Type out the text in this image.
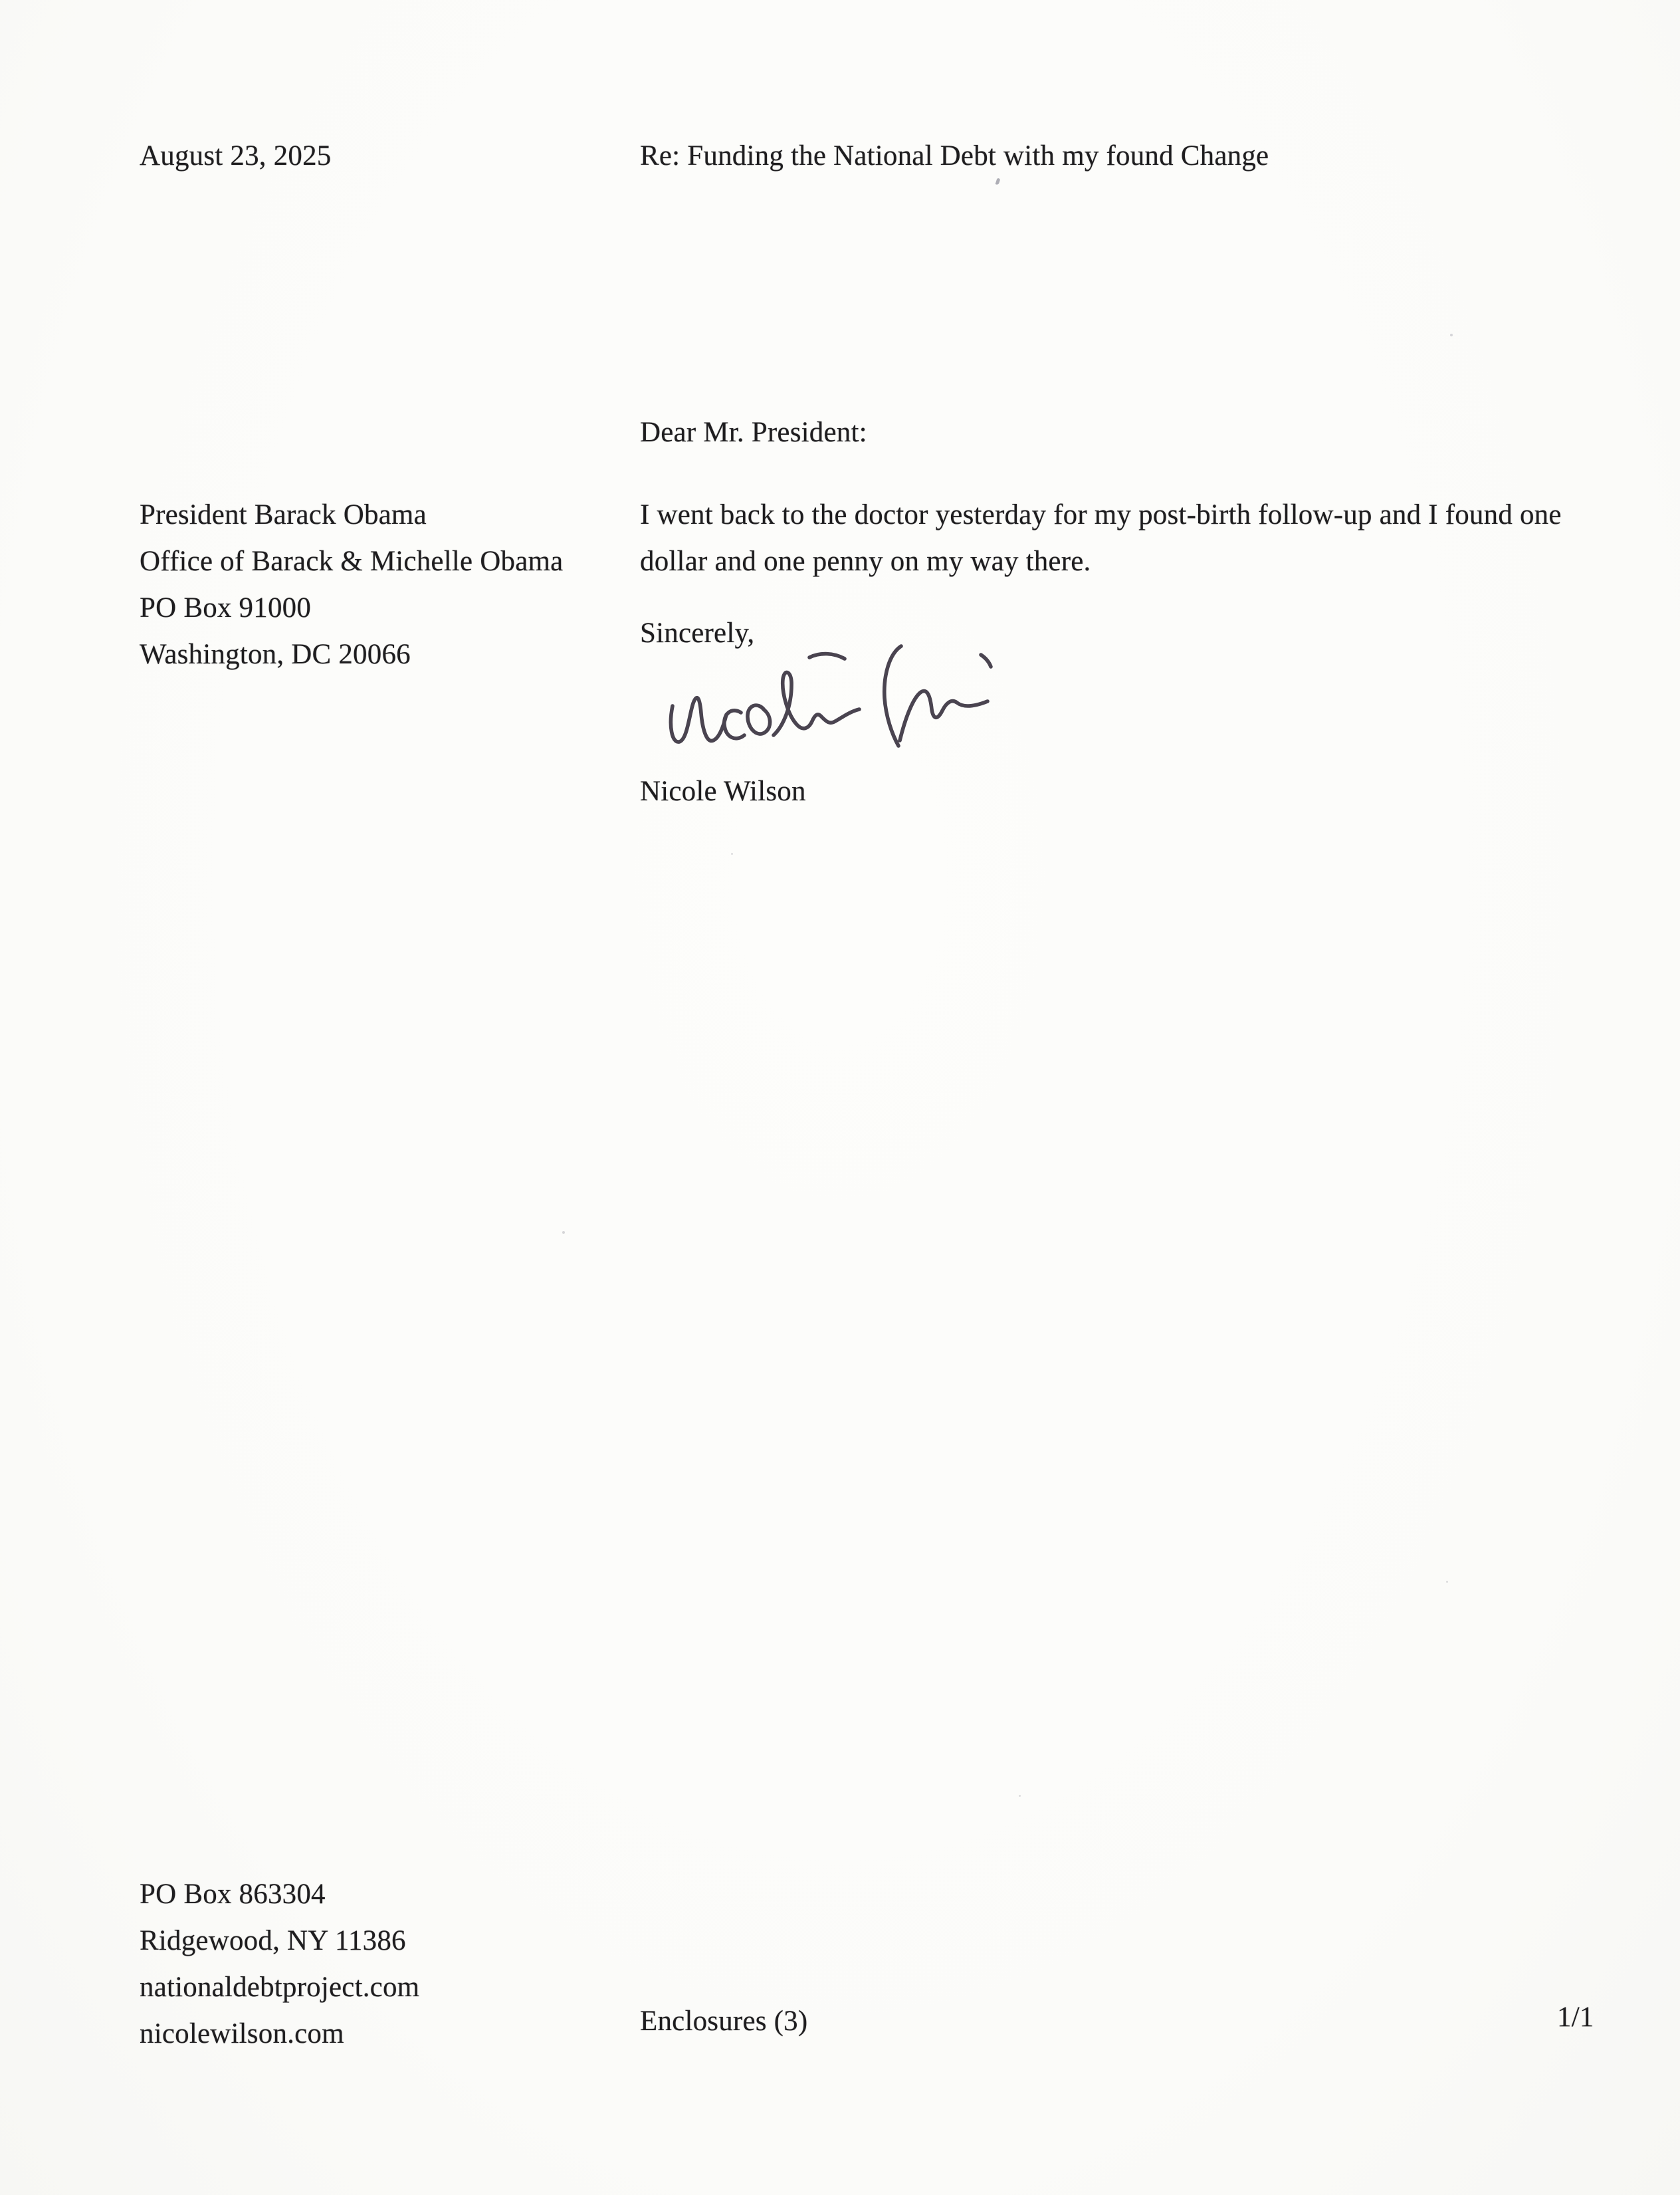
August 23, 2025	Re: Funding the National Debt with my found Change
Dear Mr. President:
President Barack Obama
Office of Barack & Michelle Obama
PO Box 91000
Washington, DC 20066
I went back to the doctor yesterday for my post-birth follow-up and I found one
dollar and one penny on my way there.
Sincerely,
Nicole Wilson
PO Box 863304
Ridgewood, NY 11386
nationaldebtproject.com
nicolewilson.com	Enclosures (3)	1/1
